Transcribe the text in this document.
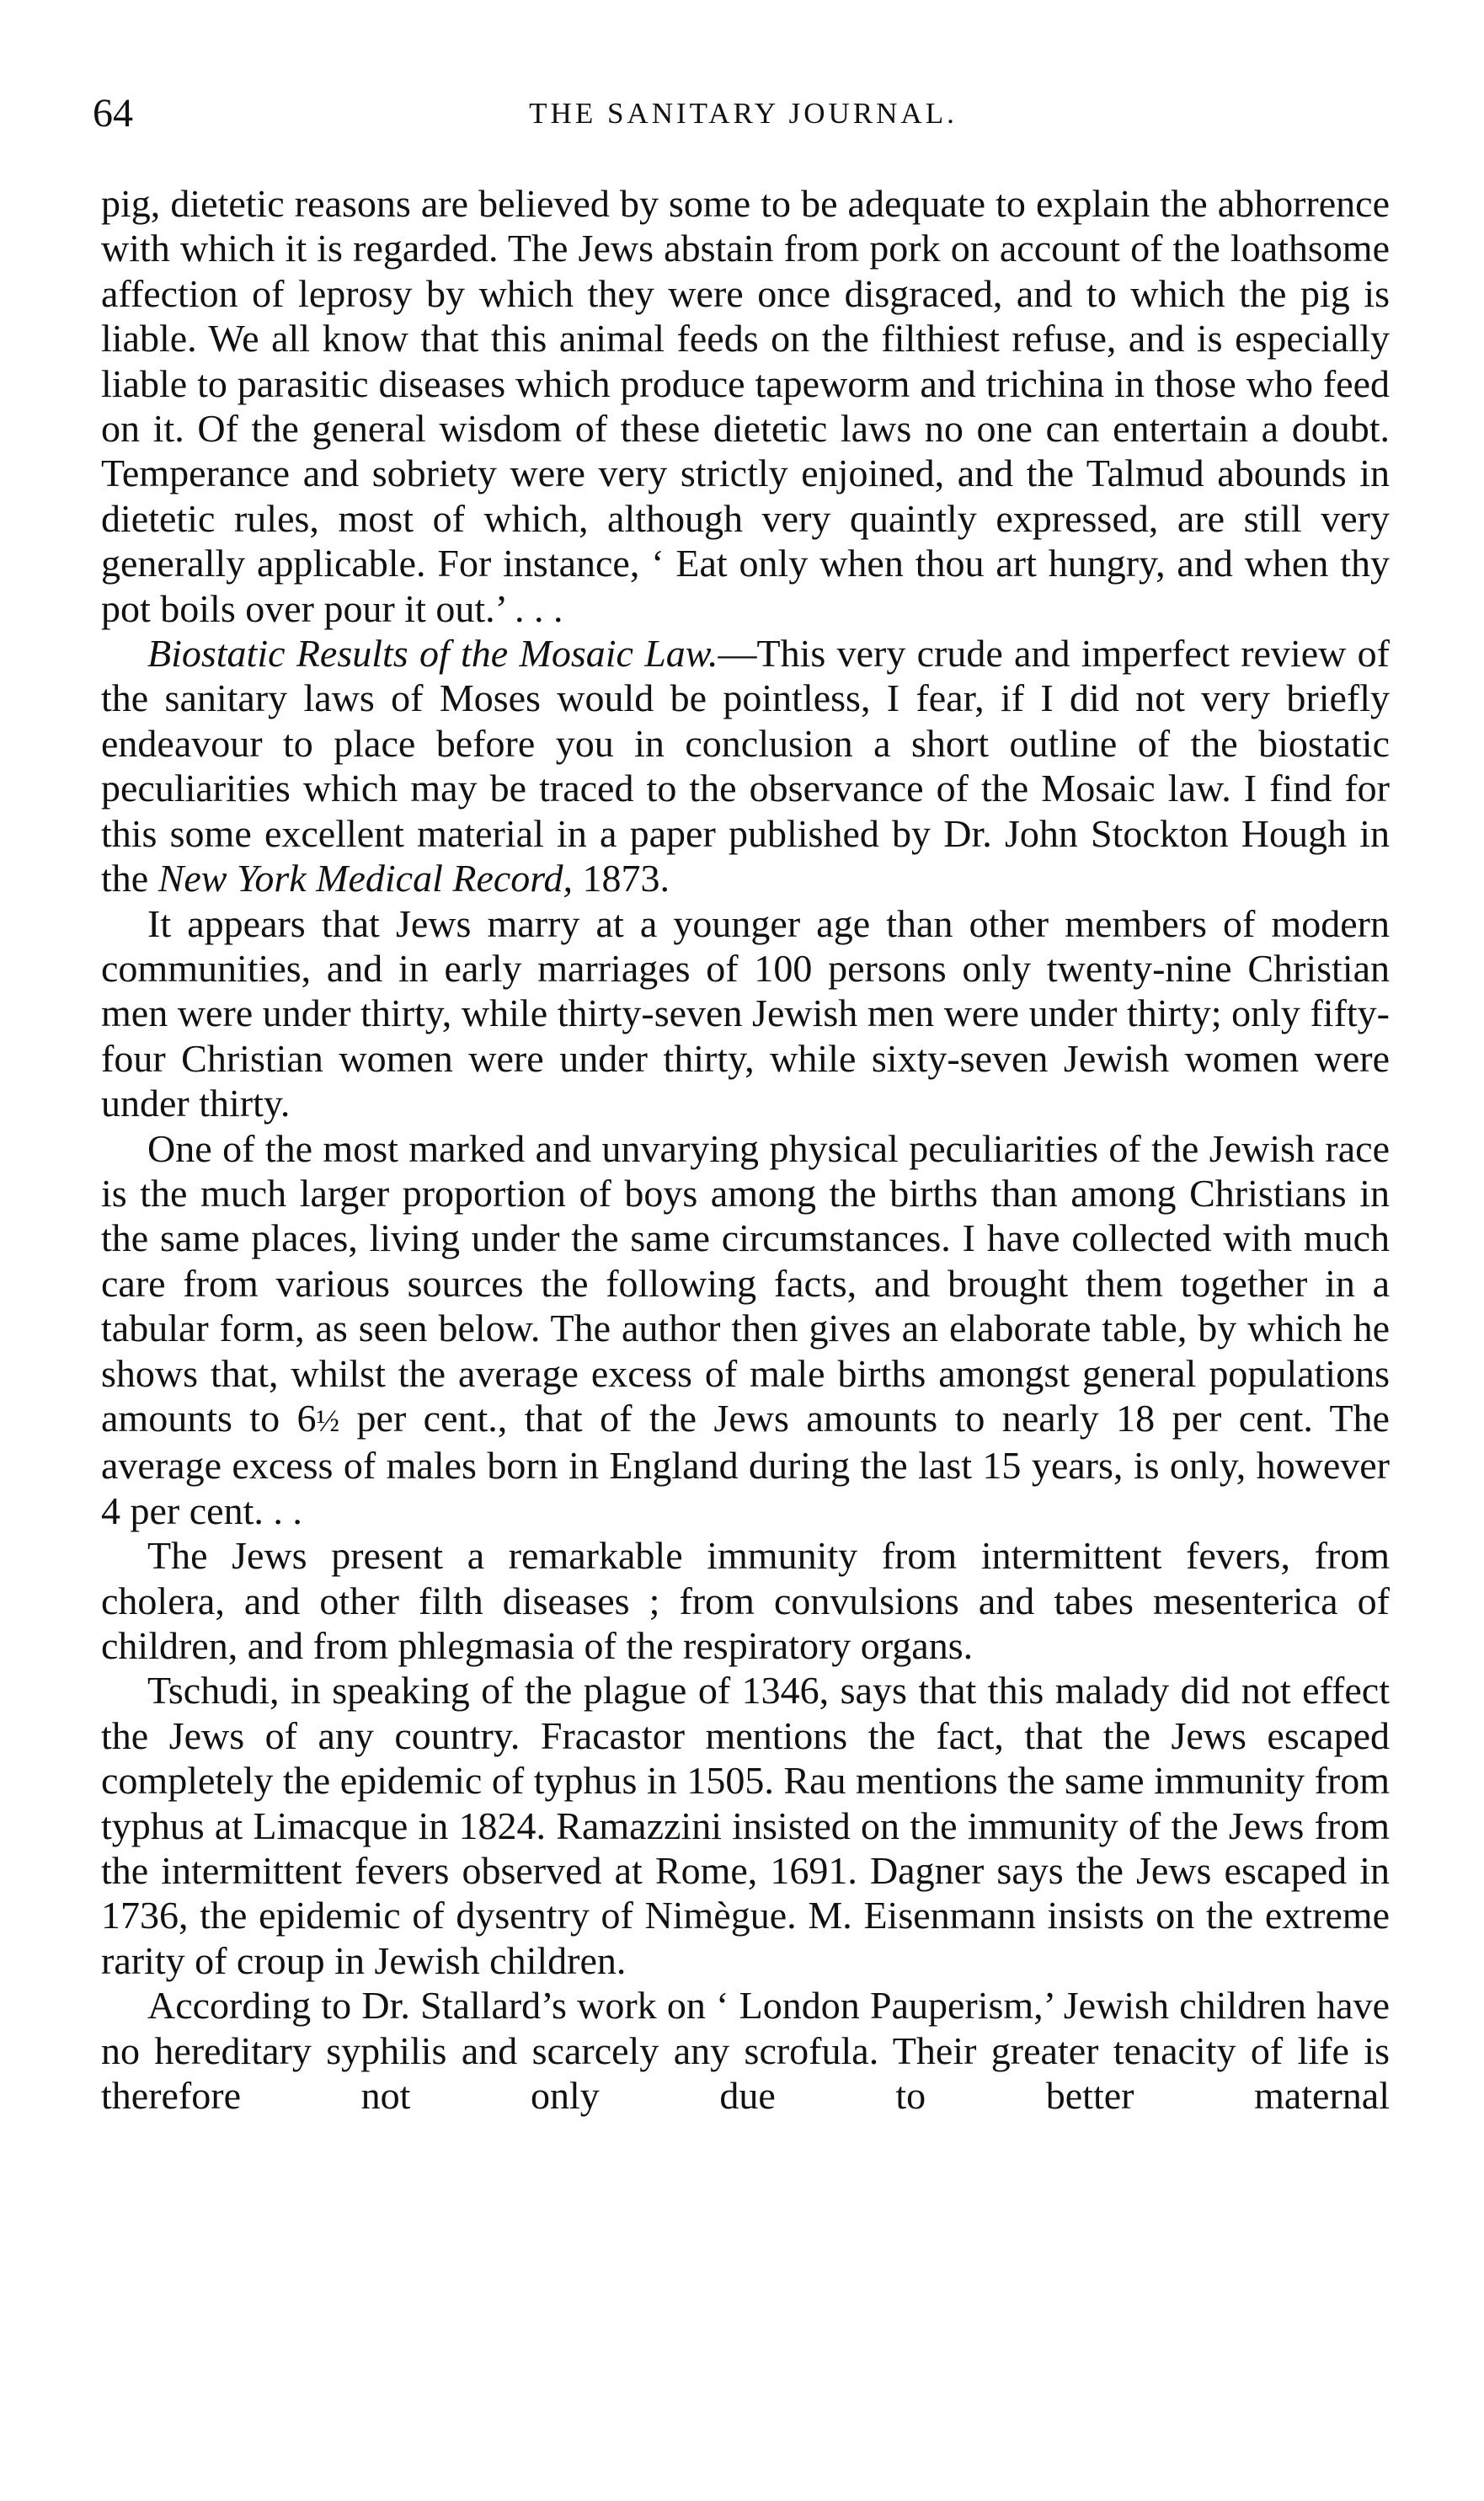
64	THE SANITARY JOURNAL.

pig, dietetic reasons are believed by some to be adequate to explain the abhorrence with which it is regarded. The Jews abstain from pork on account of the loathsome affection of leprosy by which they were once disgraced, and to which the pig is liable. We all know that this animal feeds on the filthiest refuse, and is especially liable to parasitic diseases which produce tapeworm and trichina in those who feed on it. Of the general wisdom of these dietetic laws no one can entertain a doubt. Temperance and sobriety were very strictly enjoined, and the Talmud abounds in dietetic rules, most of which, although very quaintly expressed, are still very generally applicable. For instance, ‘ Eat only when thou art hungry, and when thy pot boils over pour it out.’ . . .

Biostatic Results of the Mosaic Law.—This very crude and imperfect review of the sanitary laws of Moses would be pointless, I fear, if I did not very briefly endeavour to place before you in conclusion a short outline of the biostatic peculiarities which may be traced to the observance of the Mosaic law. I find for this some excellent material in a paper published by Dr. John Stockton Hough in the New York Medical Record, 1873.

It appears that Jews marry at a younger age than other members of modern communities, and in early marriages of 100 persons only twenty-nine Christian men were under thirty, while thirty-seven Jewish men were under thirty; only fifty-four Christian women were under thirty, while sixty-seven Jewish women were under thirty.

One of the most marked and unvarying physical peculiarities of the Jewish race is the much larger proportion of boys among the births than among Christians in the same places, living under the same circumstances. I have collected with much care from various sources the following facts, and brought them together in a tabular form, as seen below. The author then gives an elaborate table, by which he shows that, whilst the average excess of male births amongst general populations amounts to 6½ per cent., that of the Jews amounts to nearly 18 per cent. The average excess of males born in England during the last 15 years, is only, however 4 per cent. . .

The Jews present a remarkable immunity from intermittent fevers, from cholera, and other filth diseases ; from convulsions and tabes mesenterica of children, and from phlegmasia of the respiratory organs.

Tschudi, in speaking of the plague of 1346, says that this malady did not effect the Jews of any country. Fracastor mentions the fact, that the Jews escaped completely the epidemic of typhus in 1505. Rau mentions the same immunity from typhus at Limacque in 1824. Ramazzini insisted on the immunity of the Jews from the intermittent fevers observed at Rome, 1691. Dagner says the Jews escaped in 1736, the epidemic of dysentry of Nimègue. M. Eisenmann insists on the extreme rarity of croup in Jewish children.

According to Dr. Stallard’s work on ‘ London Pauperism,’ Jewish children have no hereditary syphilis and scarcely any scrofula. Their greater tenacity of life is therefore not only due to better maternal
